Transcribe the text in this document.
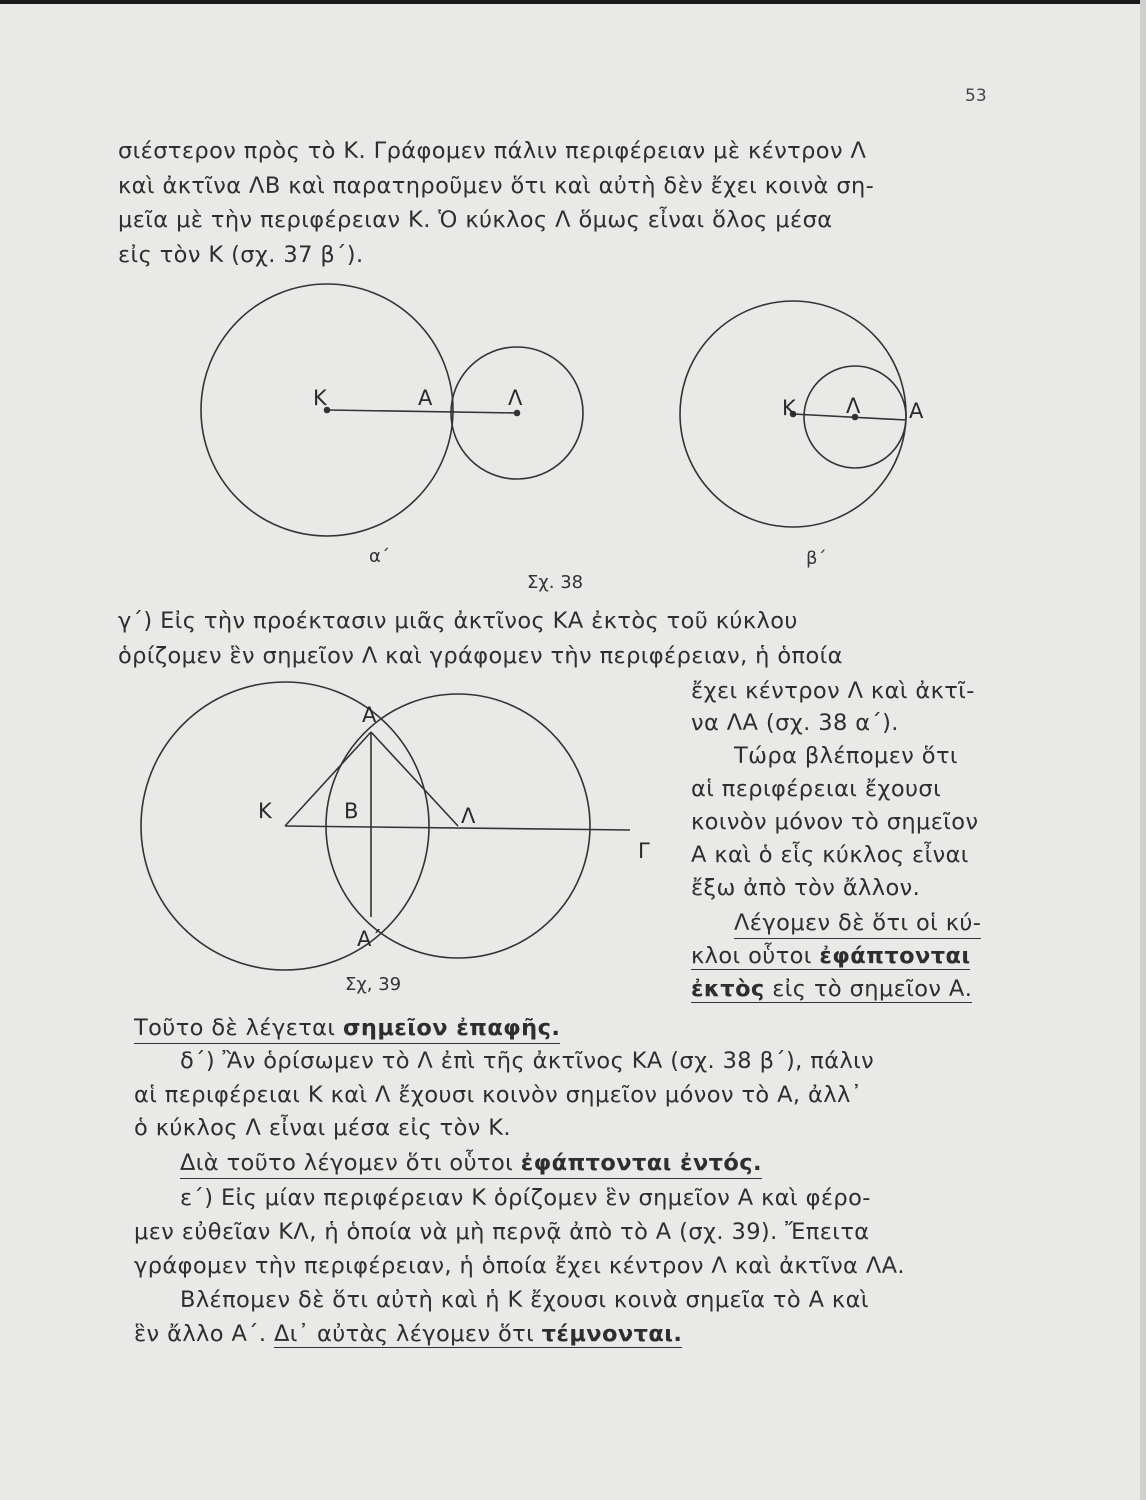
53
σιέστερον πρὸς τὸ Κ. Γράφομεν πάλιν περιφέρειαν μὲ κέντρον Λ
καὶ ἀκτῖνα ΛΒ καὶ παρατηροῦμεν ὅτι καὶ αὐτὴ δὲν ἔχει κοινὰ ση-
μεῖα μὲ τὴν περιφέρειαν Κ. Ὁ κύκλος Λ ὅμως εἶναι ὅλος μέσα
εἰς τὸν Κ (σχ. 37 β΄).
Κ	Α	Λ	Κ Λ Α
Α
Κ	Β	Λ
Γ
Α΄
α΄	β΄
Σχ. 38
γ΄) Εἰς τὴν προέκτασιν μιᾶς ἀκτῖνος ΚΑ ἐκτὸς τοῦ κύκλου
ὁρίζομεν ἓν σημεῖον Λ καὶ γράφομεν τὴν περιφέρειαν, ἡ ὁποία
ἔχει κέντρον Λ καὶ ἀκτῖ-
να ΛΑ (σχ. 38 α΄).
Τώρα βλέπομεν ὅτι
αἱ περιφέρειαι ἔχουσι
κοινὸν μόνον τὸ σημεῖον
Α καὶ ὁ εἷς κύκλος εἶναι
ἔξω ἀπὸ τὸν ἄλλον.
Λέγομεν δὲ ὅτι οἱ κύ-
κλοι οὗτοι ἐφάπτονται
ἐκτὸς εἰς τὸ σημεῖον Α.
Σχ, 39
Τοῦτο δὲ λέγεται σημεῖον ἐπαφῆς.
δ΄) Ἂν ὁρίσωμεν τὸ Λ ἐπὶ τῆς ἀκτῖνος ΚΑ (σχ. 38 β΄), πάλιν
αἱ περιφέρειαι Κ καὶ Λ ἔχουσι κοινὸν σημεῖον μόνον τὸ Α, ἀλλ᾽
ὁ κύκλος Λ εἶναι μέσα εἰς τὸν Κ.
Διὰ τοῦτο λέγομεν ὅτι οὗτοι ἐφάπτονται ἐντός.
ε΄) Εἰς μίαν περιφέρειαν Κ ὁρίζομεν ἓν σημεῖον Α καὶ φέρο-
μεν εὐθεῖαν ΚΛ, ἡ ὁποία νὰ μὴ περνᾷ ἀπὸ τὸ Α (σχ. 39). Ἔπειτα
γράφομεν τὴν περιφέρειαν, ἡ ὁποία ἔχει κέντρον Λ καὶ ἀκτῖνα ΛΑ.
Βλέπομεν δὲ ὅτι αὐτὴ καὶ ἡ Κ ἔχουσι κοινὰ σημεῖα τὸ Α καὶ
ἓν ἄλλο Α΄. Δι᾽ αὐτὰς λέγομεν ὅτι τέμνονται.
